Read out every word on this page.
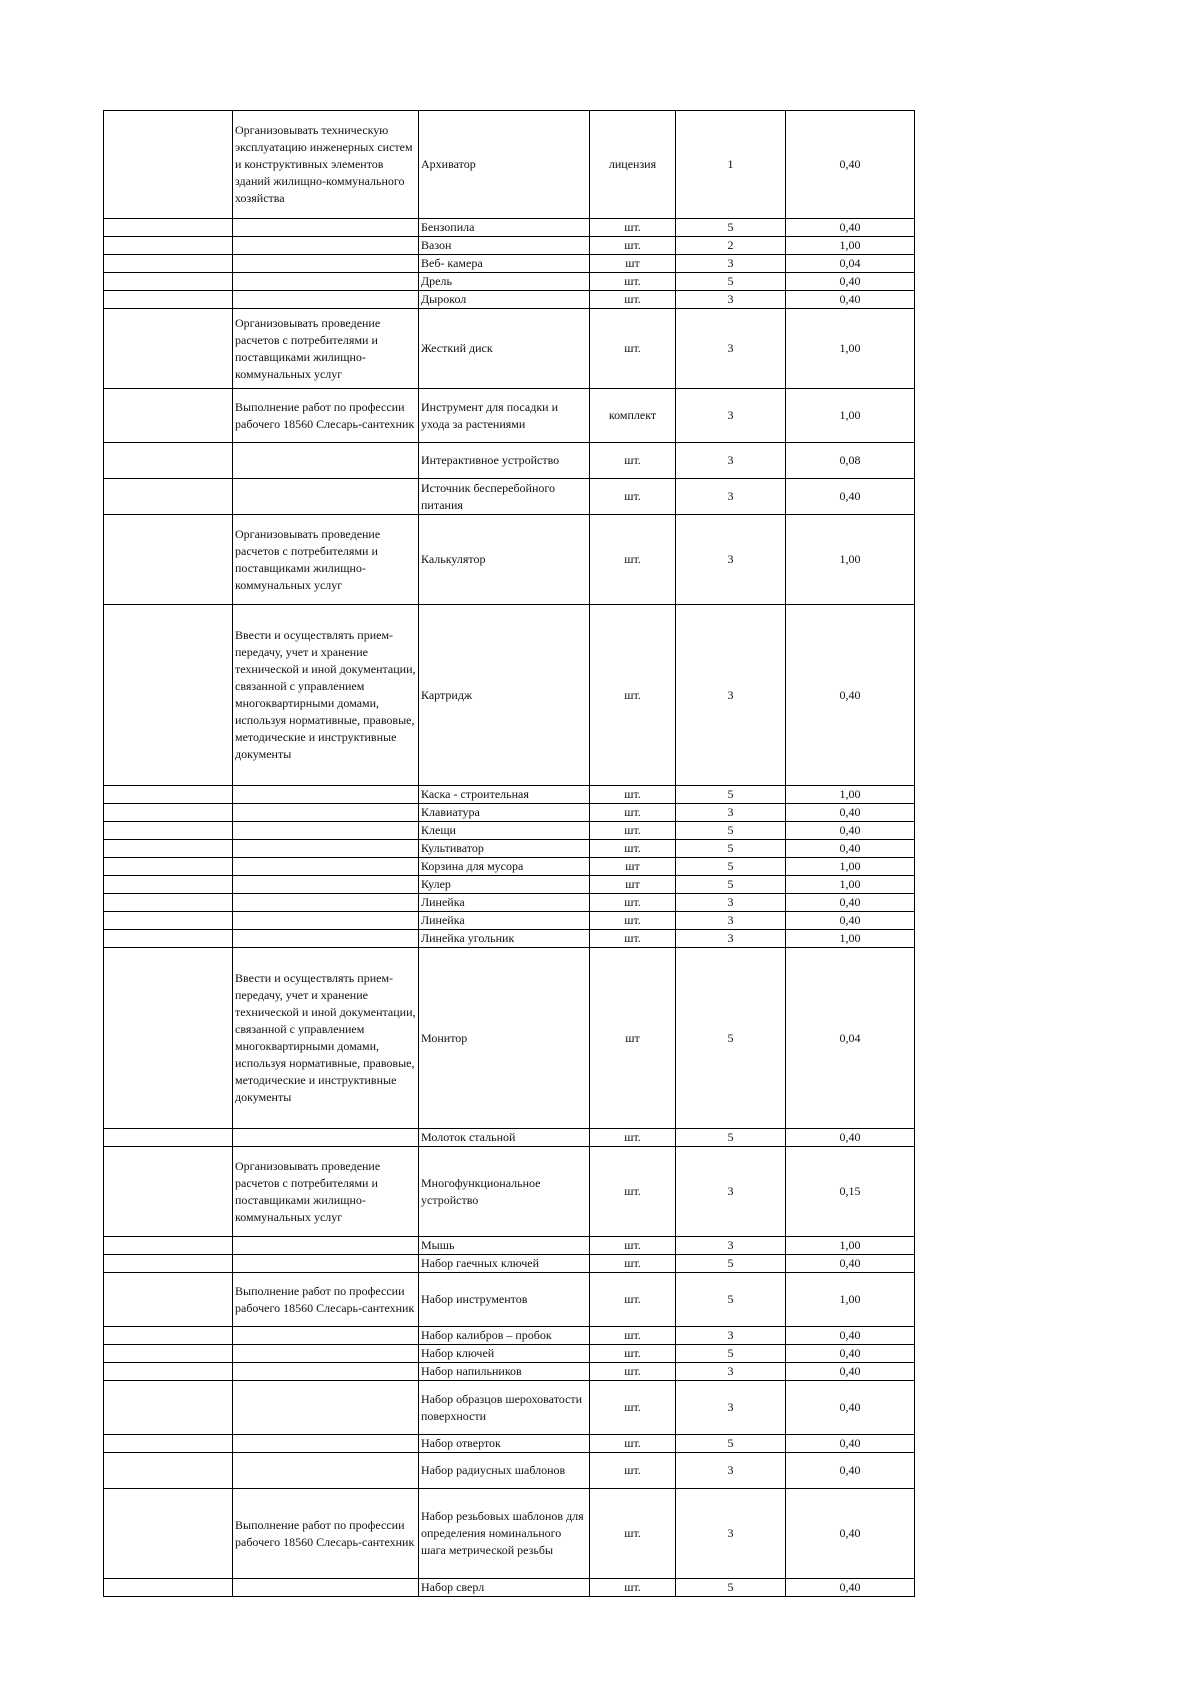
	Организовывать техническую эксплуатацию инженерных систем и конструктивных элементов зданий жилищно-коммунального хозяйства	Архиватор	лицензия	1	0,40
		Бензопила	шт.	5	0,40
		Вазон	шт.	2	1,00
		Веб- камера	шт	3	0,04
		Дрель	шт.	5	0,40
		Дырокол	шт.	3	0,40
	Организовывать проведение расчетов с потребителями и поставщиками жилищно-коммунальных услуг	Жесткий диск	шт.	3	1,00
	Выполнение работ по профессии рабочего 18560 Слесарь-сантехник	Инструмент для посадки и ухода за растениями	комплект	3	1,00
		Интерактивное устройство	шт.	3	0,08
		Источник бесперебойного питания	шт.	3	0,40
	Организовывать проведение расчетов с потребителями и поставщиками жилищно-коммунальных услуг	Калькулятор	шт.	3	1,00
	Ввести и осуществлять прием-передачу, учет и хранение технической и иной документации, связанной с управлением многоквартирными домами, используя нормативные, правовые, методические и инструктивные документы	Картридж	шт.	3	0,40
		Каска - строительная	шт.	5	1,00
		Клавиатура	шт.	3	0,40
		Клещи	шт.	5	0,40
		Культиватор	шт.	5	0,40
		Корзина для мусора	шт	5	1,00
		Кулер	шт	5	1,00
		Линейка	шт.	3	0,40
		Линейка	шт.	3	0,40
		Линейка угольник	шт.	3	1,00
	Ввести и осуществлять прием-передачу, учет и хранение технической и иной документации, связанной с управлением многоквартирными домами, используя нормативные, правовые, методические и инструктивные документы	Монитор	шт	5	0,04
		Молоток стальной	шт.	5	0,40
	Организовывать проведение расчетов с потребителями и поставщиками жилищно-коммунальных услуг	Многофункциональное устройство	шт.	3	0,15
		Мышь	шт.	3	1,00
		Набор гаечных ключей	шт.	5	0,40
	Выполнение работ по профессии рабочего 18560 Слесарь-сантехник	Набор инструментов	шт.	5	1,00
		Набор калибров – пробок	шт.	3	0,40
		Набор ключей	шт.	5	0,40
		Набор напильников	шт.	3	0,40
		Набор образцов шероховатости поверхности	шт.	3	0,40
		Набор отверток	шт.	5	0,40
		Набор радиусных шаблонов	шт.	3	0,40
	Выполнение работ по профессии рабочего 18560 Слесарь-сантехник	Набор резьбовых шаблонов для определения номинального шага метрической резьбы	шт.	3	0,40
		Набор сверл	шт.	5	0,40
